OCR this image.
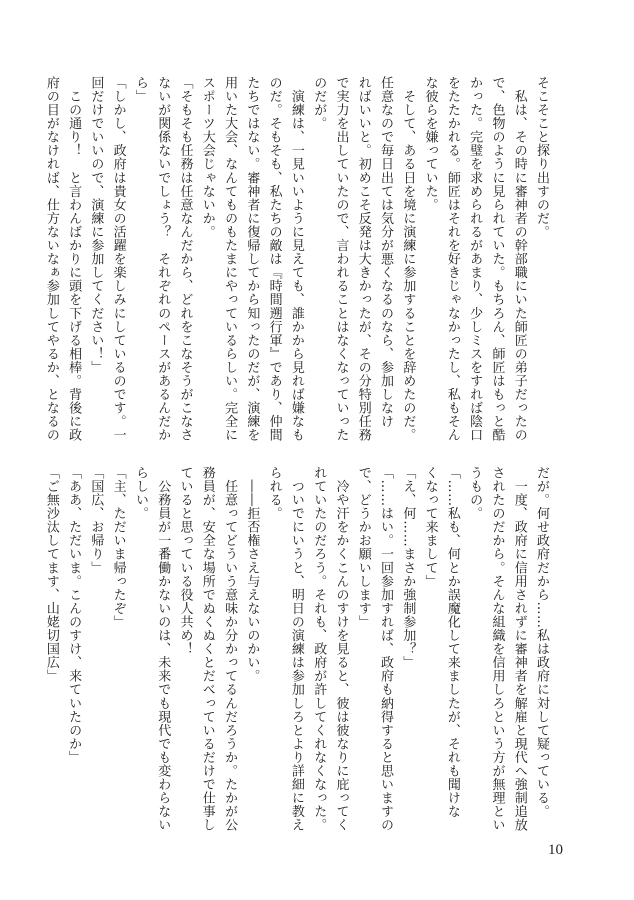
そこそこと探り出すのだ。
　私は、その時に審神者の幹部職にいた師匠の弟子だったの
で、色物のように見られていた。もちろん、師匠はもっと酷
かった。完璧を求められるがあまり、少しミスをすれば陰口
をたたかれる。師匠はそれを好きじゃなかったし、私もそん
な彼らを嫌っていた。
　そして、ある日を境に演練に参加することを辞めたのだ。
任意なので毎日出ては気分が悪くなるのなら、参加しなけ
ればいいと。初めこそ反発は大きかったが、その分特別任務
で実力を出していたので、言われることはなくなっていった
のだが。
　演練は、一見いいように見えても、誰かから見れば嫌なも
のだ。そもそも、私たちの敵は『時間遡行軍』であり、仲間
たちではない。審神者に復帰してから知ったのだが、演練を
用いた大会、なんてものもたまにやっているらしい。完全に
スポーツ大会じゃないか。
「そもそも任務は任意なんだから、どれをこなそうがこなさ
ないが関係ないでしょう？　それぞれのペースがあるんだか
ら」
「しかし、政府は貴女の活躍を楽しみにしているのです。一
回だけでいいので、演練に参加してください！」
　この通り！　と言わんばかりに頭を下げる相棒。背後に政
府の目がなければ、仕方ないなぁ参加してやるか、となるの
だが。何せ政府だから……私は政府に対して疑っている。
　一度、政府に信用されずに審神者を解雇と現代へ強制追放
されたのだから。そんな組織を信用しろという方が無理とい
うもの。
「……私も、何とか誤魔化して来ましたが、それも聞けな
くなって来まして」
「え、何……まさか強制参加？」
「……はい。一回参加すれば、政府も納得すると思いますの
で、どうかお願いします」
　冷や汗をかくこんのすけを見ると、彼は彼なりに庇ってく
れていたのだろう。それも、政府が許してくれなくなった。
　ついでにいうと、明日の演練は参加しろとより詳細に教え
られる。
　――拒否権さえ与えないのかい。
　任意ってどういう意味か分かってるんだろうか。たかが公
務員が、安全な場所でぬくぬくとだべっているだけで仕事し
ていると思っている役人共め！
　公務員が一番働かないのは、未来でも現代でも変わらない
らしい。
「主、ただいま帰ったぞ」
「国広、お帰り」
「ああ、ただいま。こんのすけ、来ていたのか」
「ご無沙汰してます、山姥切国広」
10
